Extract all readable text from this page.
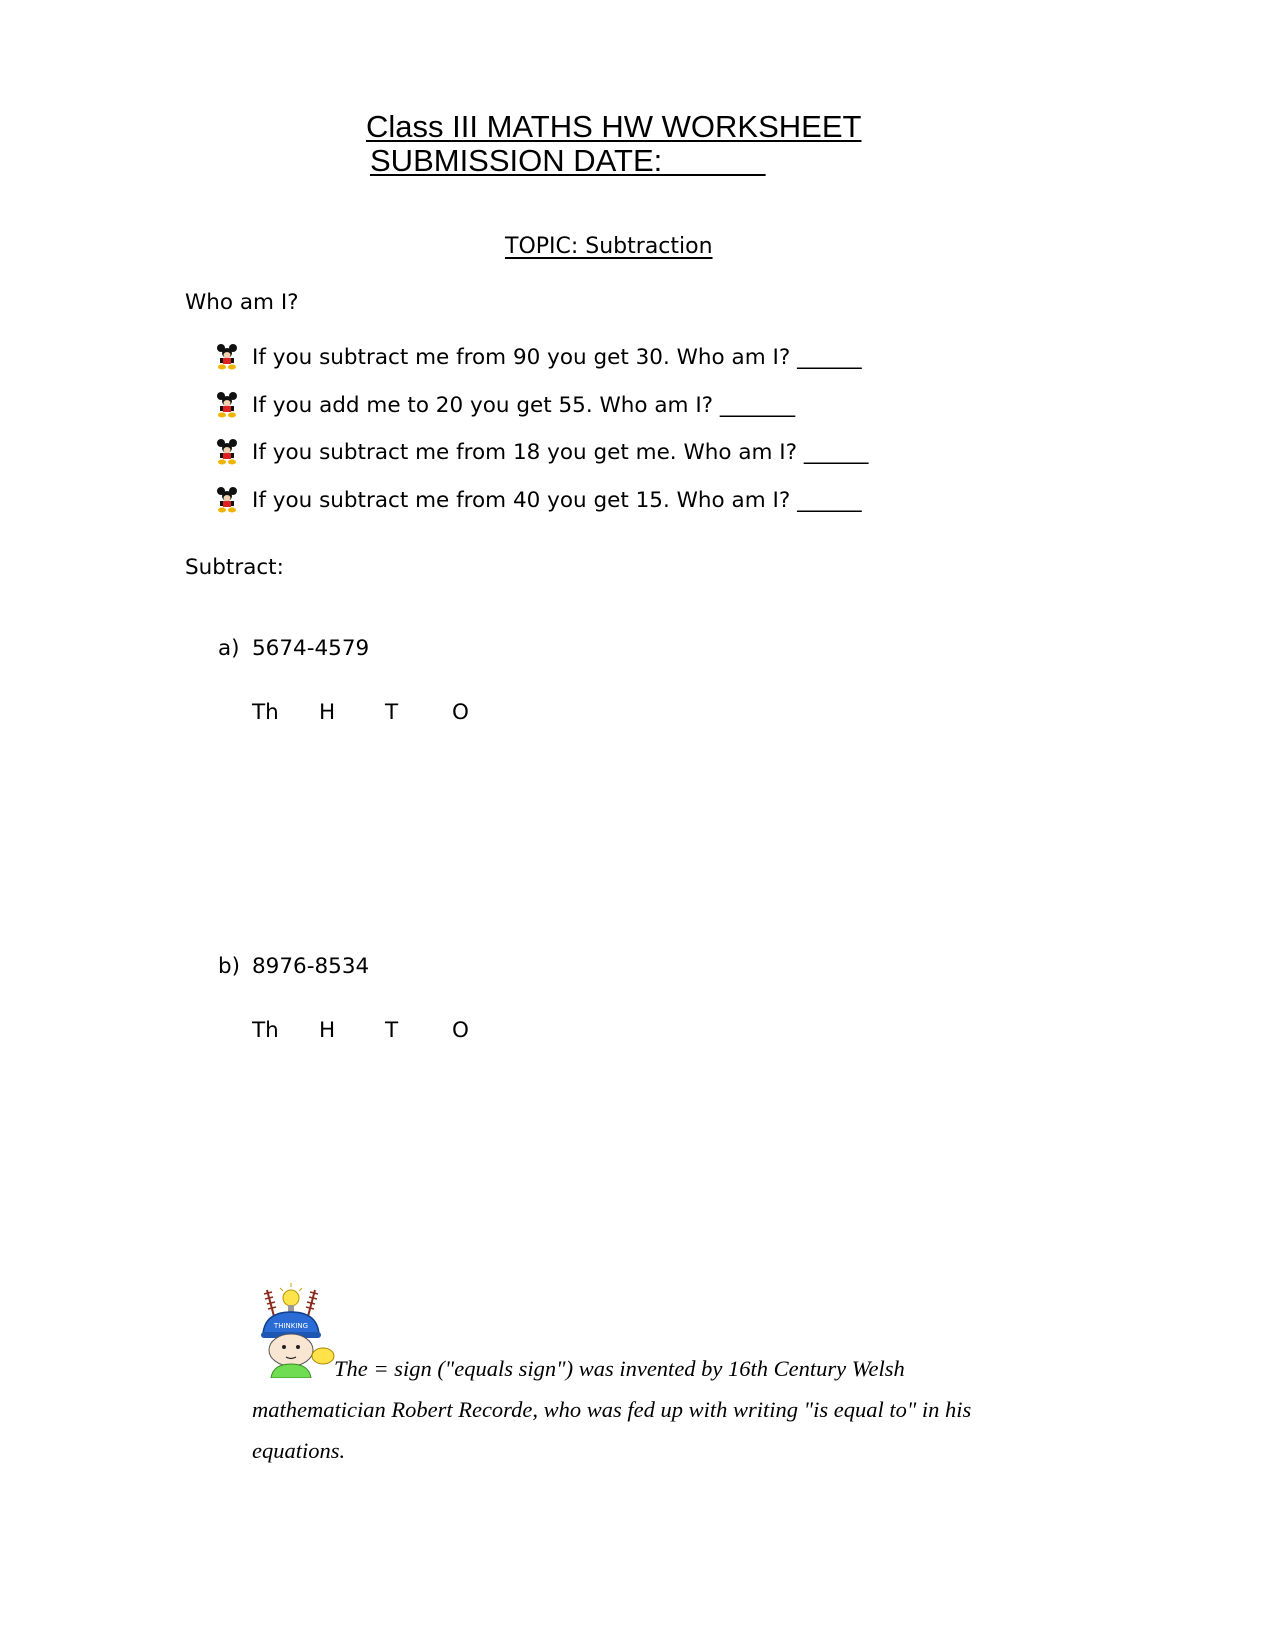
Class III MATHS HW WORKSHEET
SUBMISSION DATE:
TOPIC: Subtraction
Who am I?
If you subtract me from 90 you get 30. Who am I? ______
If you add me to 20 you get 55. Who am I? _______
If you subtract me from 18 you get me. Who am I? ______
If you subtract me from 40 you get 15. Who am I? ______
Subtract:
a) 5674-4579
Th H T	O
b) 8976-8534
Th H T	O
THINKING
The = sign ("equals sign") was invented by 16th Century Welsh mathematician Robert Recorde, who was fed up with writing "is equal to" in his equations.
